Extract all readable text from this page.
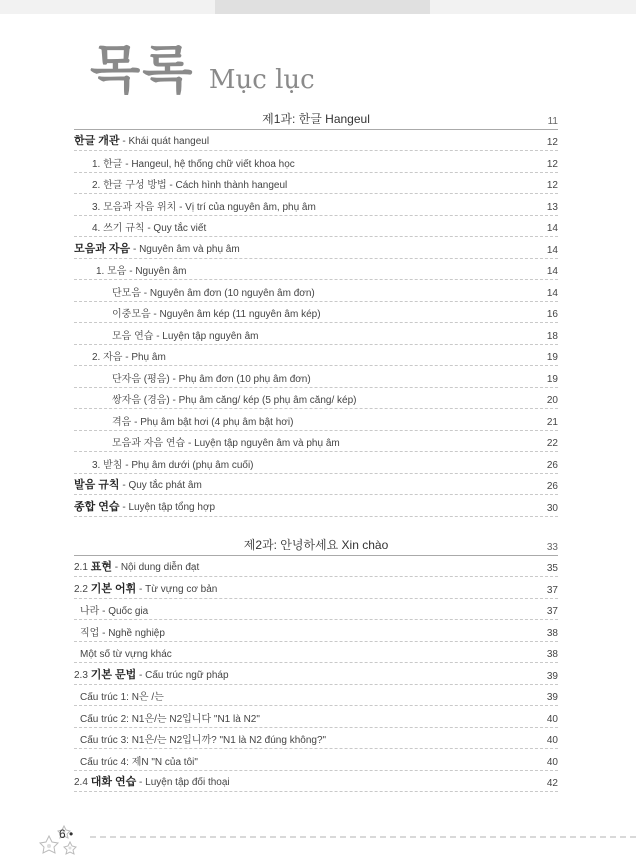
목록 Mục lục
제1과: 한글 Hangeul	11
한글 개관 - Khái quát hangeul	12
1. 한글 - Hangeul, hệ thống chữ viết khoa học	12
2. 한글 구성 방법 - Cách hình thành hangeul	12
3. 모음과 자음 위치 - Vị trí của nguyên âm, phụ âm	13
4. 쓰기 규칙 - Quy tắc viết	14
모음과 자음 - Nguyên âm và phụ âm	14
1. 모음 - Nguyên âm	14
단모음 - Nguyên âm đơn (10 nguyên âm đơn)	14
이중모음 - Nguyên âm kép (11 nguyên âm kép)	16
모음 연습 - Luyện tập nguyên âm	18
2. 자음 - Phụ âm	19
단자음 (평음) - Phụ âm đơn (10 phụ âm đơn)	19
쌍자음 (경음) - Phụ âm căng/ kép (5 phụ âm căng/ kép)	20
격음 - Phụ âm bật hơi (4 phụ âm bật hơi)	21
모음과 자음 연습 - Luyện tập nguyên âm và phụ âm	22
3. 받침 - Phụ âm dưới (phụ âm cuối)	26
발음 규칙 - Quy tắc phát âm	26
종합 연습 - Luyện tập tổng hợp	30
제2과: 안녕하세요 Xin chào	33
2.1 표현 - Nội dung diễn đạt	35
2.2 기본 어휘 - Từ vựng cơ bản	37
나라 - Quốc gia	37
직업 - Nghề nghiệp	38
Một số từ vựng khác	38
2.3 기본 문법 - Cấu trúc ngữ pháp	39
Cấu trúc 1: N은 /는	39
Cấu trúc 2: N1은/는 N2입니다 "N1 là N2"	40
Cấu trúc 3: N1은/는 N2입니까? "N1 là N2 đúng không?"	40
Cấu trúc 4: 제N "N của tôi"	40
2.4 대화 연습 - Luyện tập đối thoại	42
6 •
